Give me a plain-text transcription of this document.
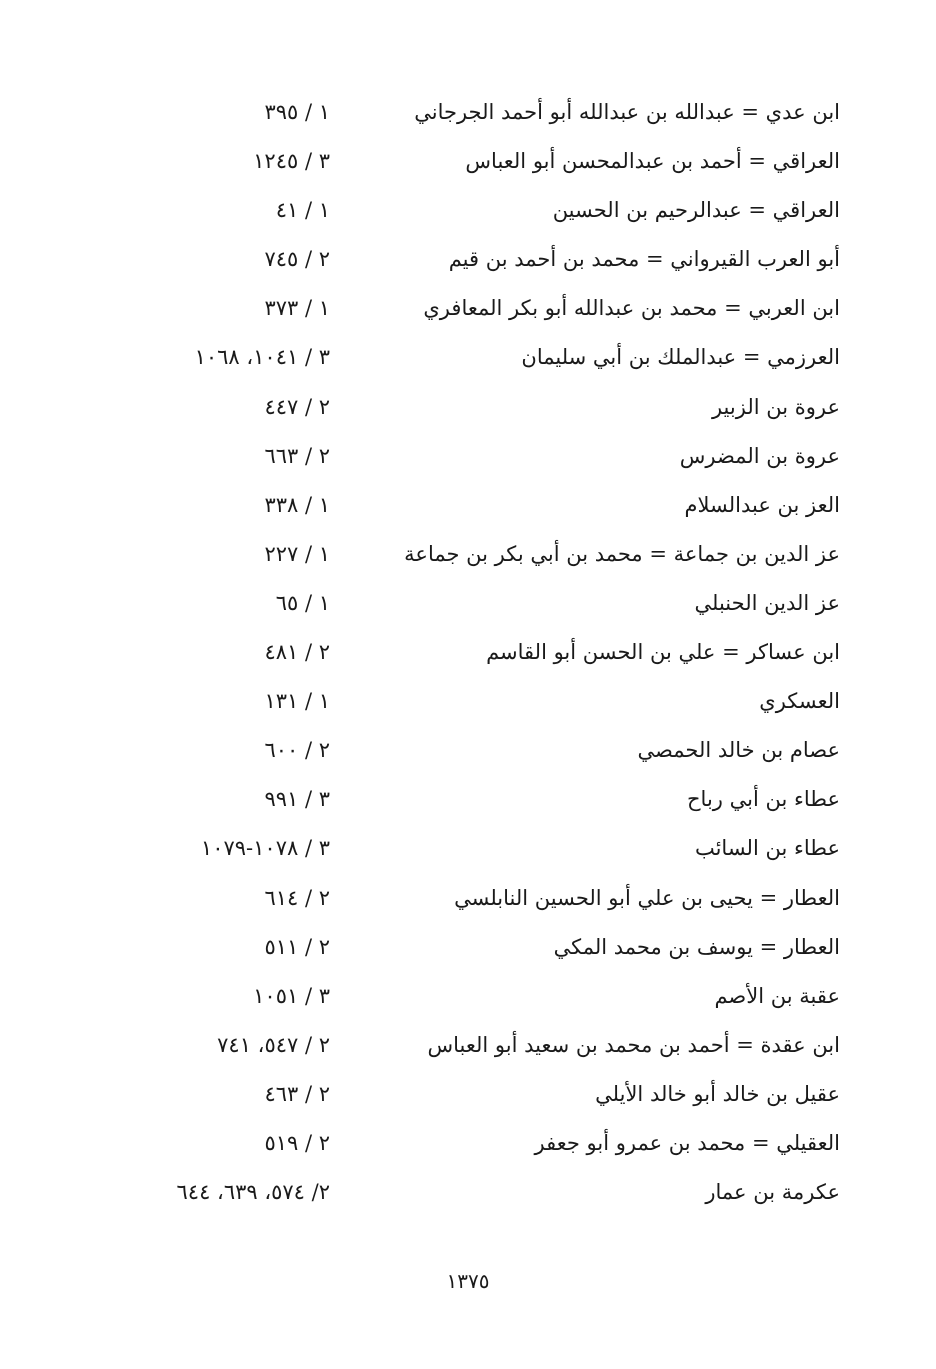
ابن عدي = عبدالله بن عبدالله أبو أحمد الجرجاني
١ / ٣٩٥
العراقي = أحمد بن عبدالمحسن أبو العباس
٣ / ١٢٤٥
العراقي = عبدالرحيم بن الحسين
١ / ٤١
أبو العرب القيرواني = محمد بن أحمد بن قيم
٢ / ٧٤٥
ابن العربي = محمد بن عبدالله أبو بكر المعافري
١ / ٣٧٣
العرزمي = عبدالملك بن أبي سليمان
٣ / ١٠٤١، ١٠٦٨
عروة بن الزبير
٢ / ٤٤٧
عروة بن المضرس
٢ / ٦٦٣
العز بن عبدالسلام
١ / ٣٣٨
عز الدين بن جماعة = محمد بن أبي بكر بن جماعة
١ / ٢٢٧
عز الدين الحنبلي
١ / ٦٥
ابن عساكر = علي بن الحسن أبو القاسم
٢ / ٤٨١
العسكري
١ / ١٣١
عصام بن خالد الحمصي
٢ / ٦٠٠
عطاء بن أبي رباح
٣ / ٩٩١
عطاء بن السائب
٣ / ١٠٧٨-١٠٧٩
العطار = يحيى بن علي أبو الحسين النابلسي
٢ / ٦١٤
العطار = يوسف بن محمد المكي
٢ / ٥١١
عقبة بن الأصم
٣ / ١٠٥١
ابن عقدة = أحمد بن محمد بن سعيد أبو العباس
٢ / ٥٤٧، ٧٤١
عقيل بن خالد أبو خالد الأيلي
٢ / ٤٦٣
العقيلي = محمد بن عمرو أبو جعفر
٢ / ٥١٩
عكرمة بن عمار
٢/ ٥٧٤، ٦٣٩، ٦٤٤
١٣٧٥
